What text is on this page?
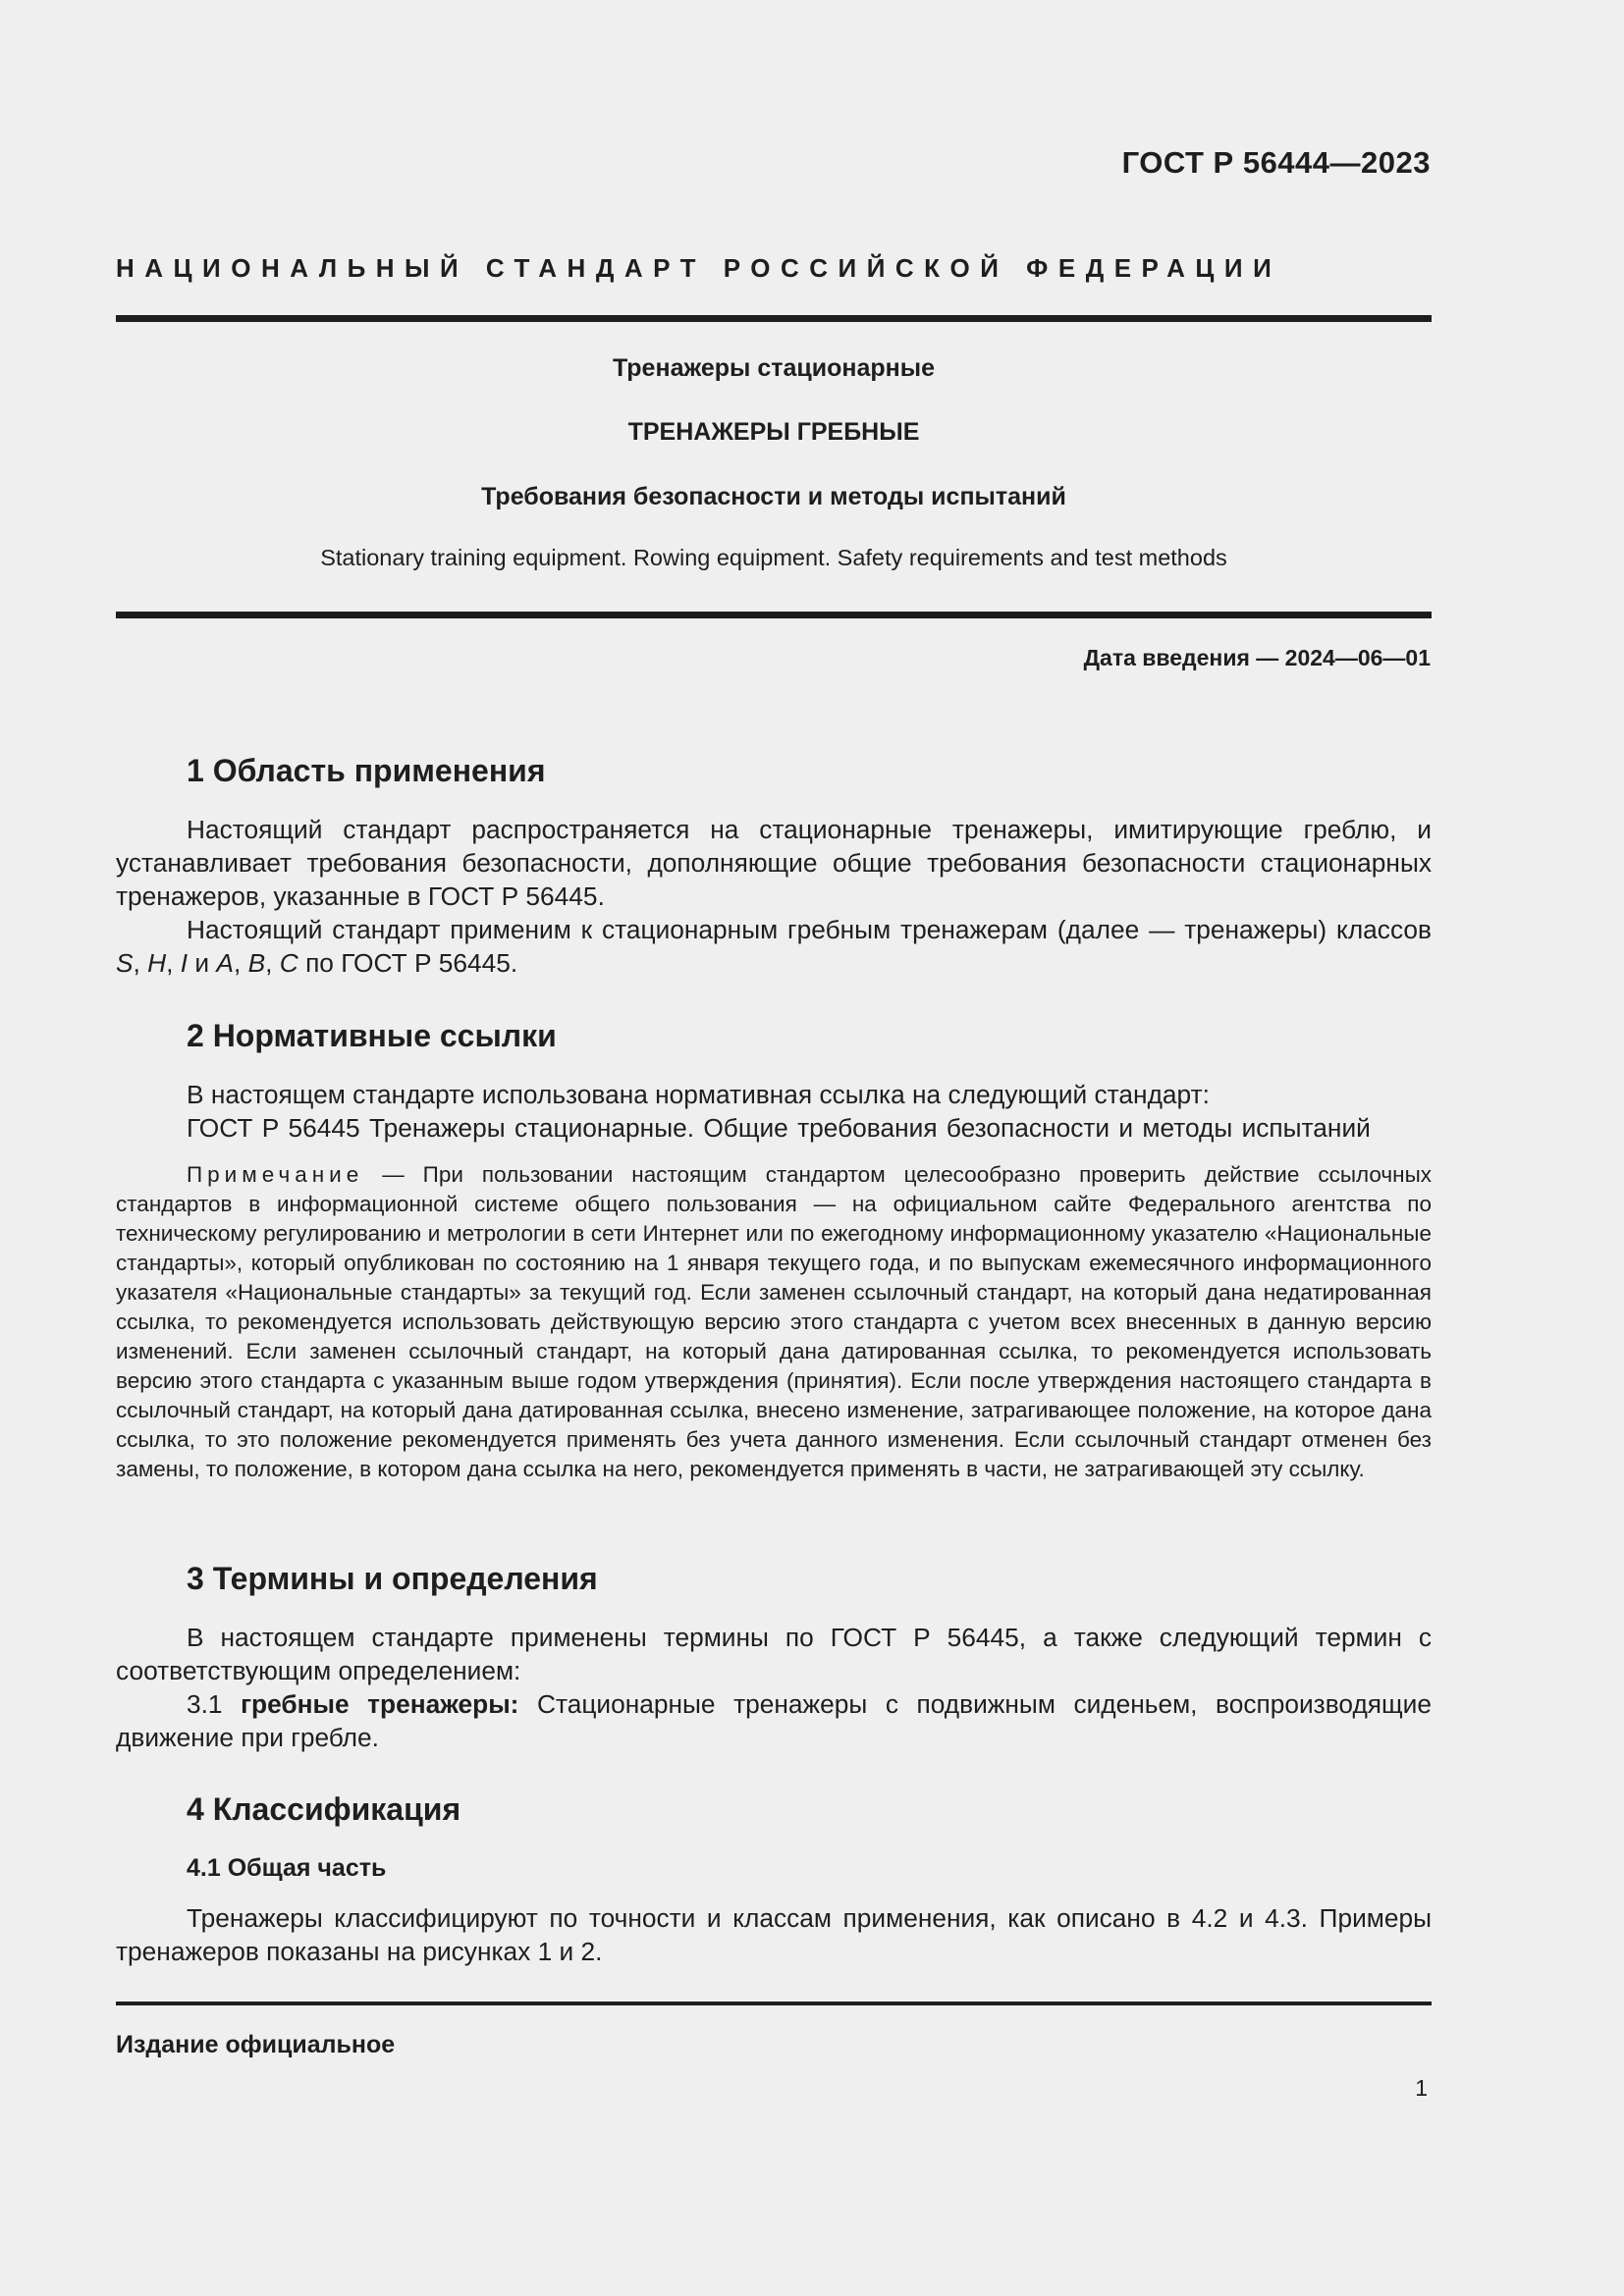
ГОСТ Р 56444—2023
НАЦИОНАЛЬНЫЙ СТАНДАРТ РОССИЙСКОЙ ФЕДЕРАЦИИ
Тренажеры стационарные
ТРЕНАЖЕРЫ ГРЕБНЫЕ
Требования безопасности и методы испытаний
Stationary training equipment. Rowing equipment. Safety requirements and test methods
Дата введения — 2024—06—01
1 Область применения
Настоящий стандарт распространяется на стационарные тренажеры, имитирующие греблю, и устанавливает требования безопасности, дополняющие общие требования безопасности стационарных тренажеров, указанные в ГОСТ Р 56445.
Настоящий стандарт применим к стационарным гребным тренажерам (далее — тренажеры) классов S, H, I и A, B, C по ГОСТ Р 56445.
2 Нормативные ссылки
В настоящем стандарте использована нормативная ссылка на следующий стандарт:
ГОСТ Р 56445 Тренажеры стационарные. Общие требования безопасности и методы испытаний
Примечание — При пользовании настоящим стандартом целесообразно проверить действие ссылочных стандартов в информационной системе общего пользования — на официальном сайте Федерального агентства по техническому регулированию и метрологии в сети Интернет или по ежегодному информационному указателю «Национальные стандарты», который опубликован по состоянию на 1 января текущего года, и по выпускам ежемесячного информационного указателя «Национальные стандарты» за текущий год. Если заменен ссылочный стандарт, на который дана недатированная ссылка, то рекомендуется использовать действующую версию этого стандарта с учетом всех внесенных в данную версию изменений. Если заменен ссылочный стандарт, на который дана датированная ссылка, то рекомендуется использовать версию этого стандарта с указанным выше годом утверждения (принятия). Если после утверждения настоящего стандарта в ссылочный стандарт, на который дана датированная ссылка, внесено изменение, затрагивающее положение, на которое дана ссылка, то это положение рекомендуется применять без учета данного изменения. Если ссылочный стандарт отменен без замены, то положение, в котором дана ссылка на него, рекомендуется применять в части, не затрагивающей эту ссылку.
3 Термины и определения
В настоящем стандарте применены термины по ГОСТ Р 56445, а также следующий термин с соответствующим определением:
3.1 гребные тренажеры: Стационарные тренажеры с подвижным сиденьем, воспроизводящие движение при гребле.
4 Классификация
4.1 Общая часть
Тренажеры классифицируют по точности и классам применения, как описано в 4.2 и 4.3. Примеры тренажеров показаны на рисунках 1 и 2.
Издание официальное
1
